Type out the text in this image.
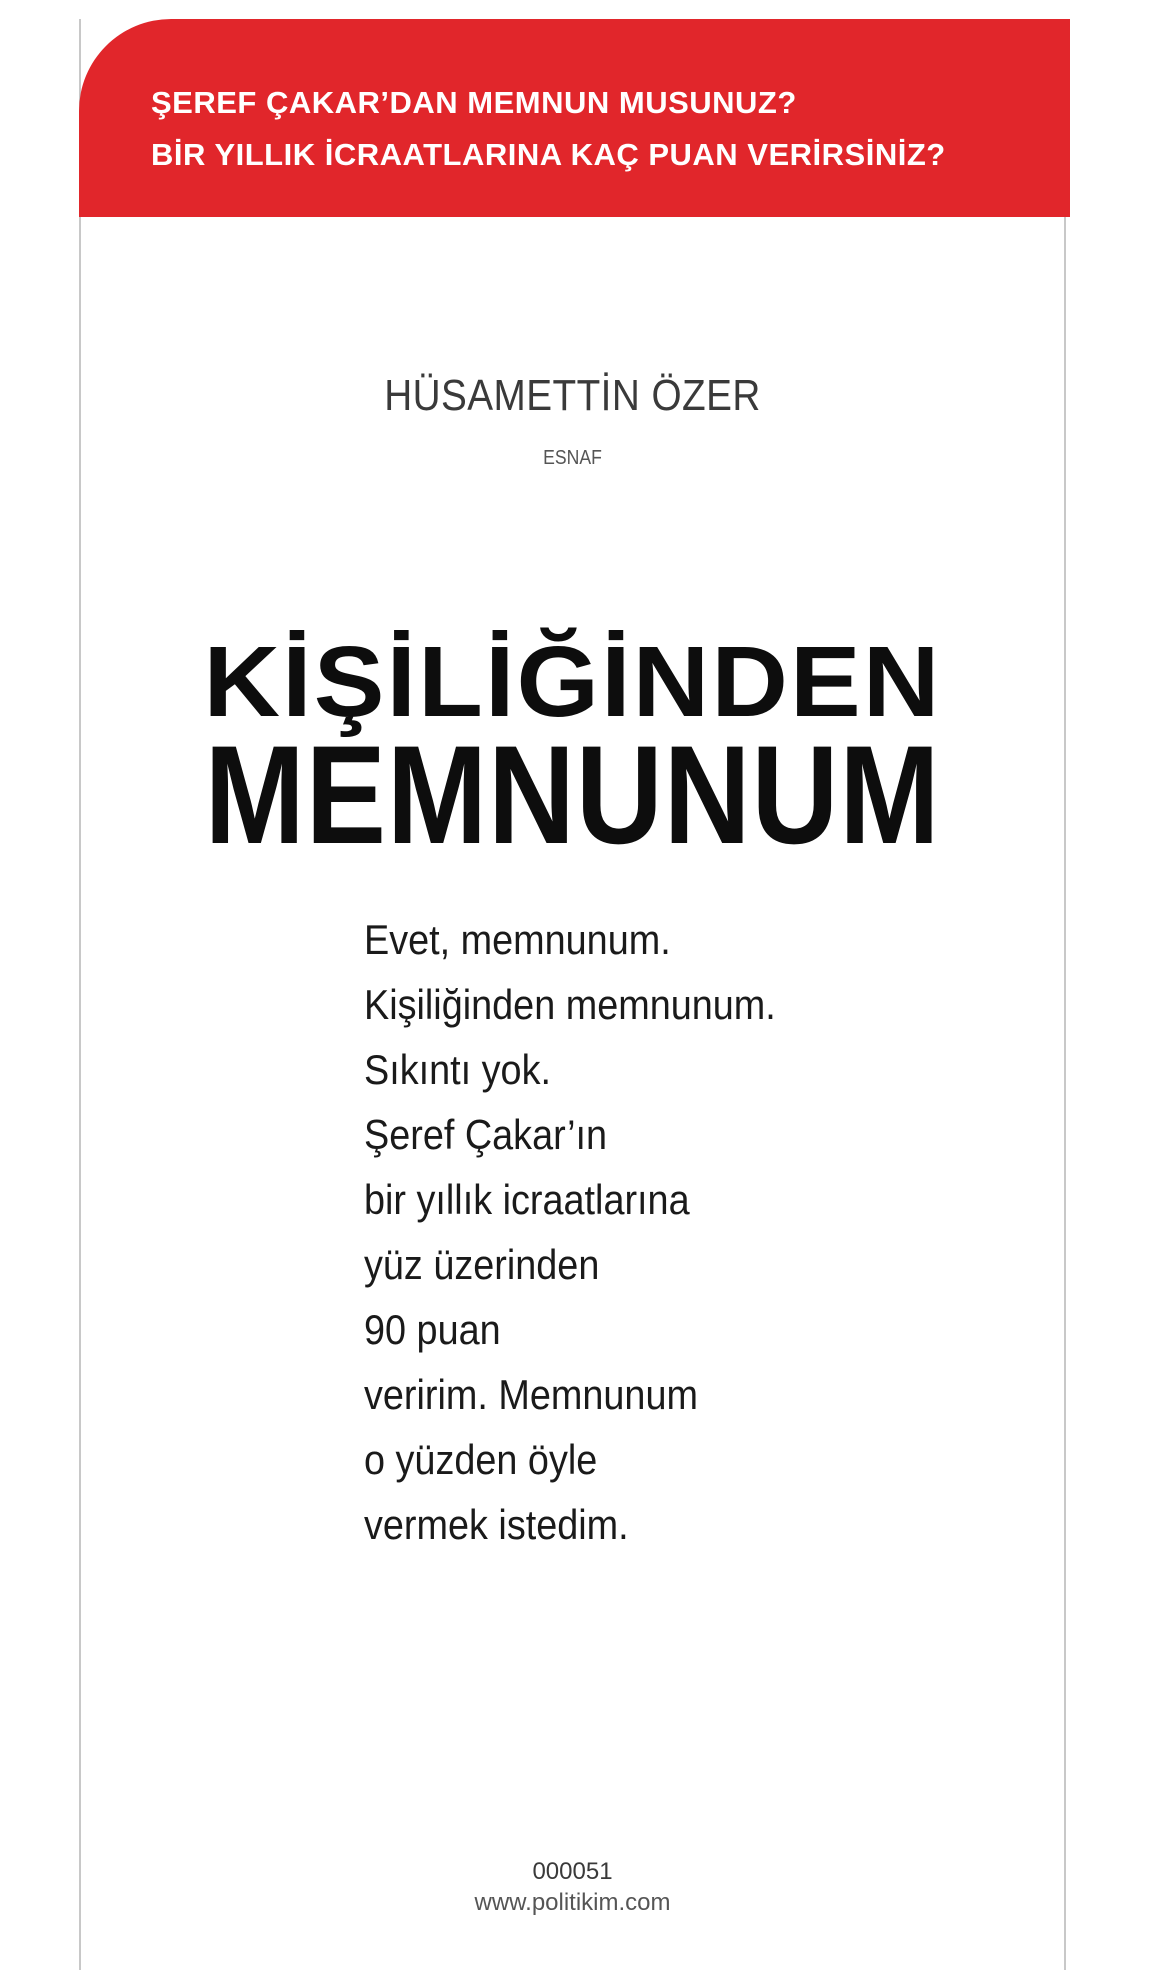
ŞEREF ÇAKAR’DAN MEMNUN MUSUNUZ?
BİR YILLIK İCRAATLARINA KAÇ PUAN VERİRSİNİZ?
HÜSAMETTİN ÖZER
ESNAF
KİŞİLİĞİNDEN
MEMNUNUM
Evet, memnunum.
Kişiliğinden memnunum.
Sıkıntı yok.
Şeref Çakar’ın
bir yıllık icraatlarına
yüz üzerinden
90 puan
veririm. Memnunum
o yüzden öyle
vermek istedim.
000051
www.politikim.com
